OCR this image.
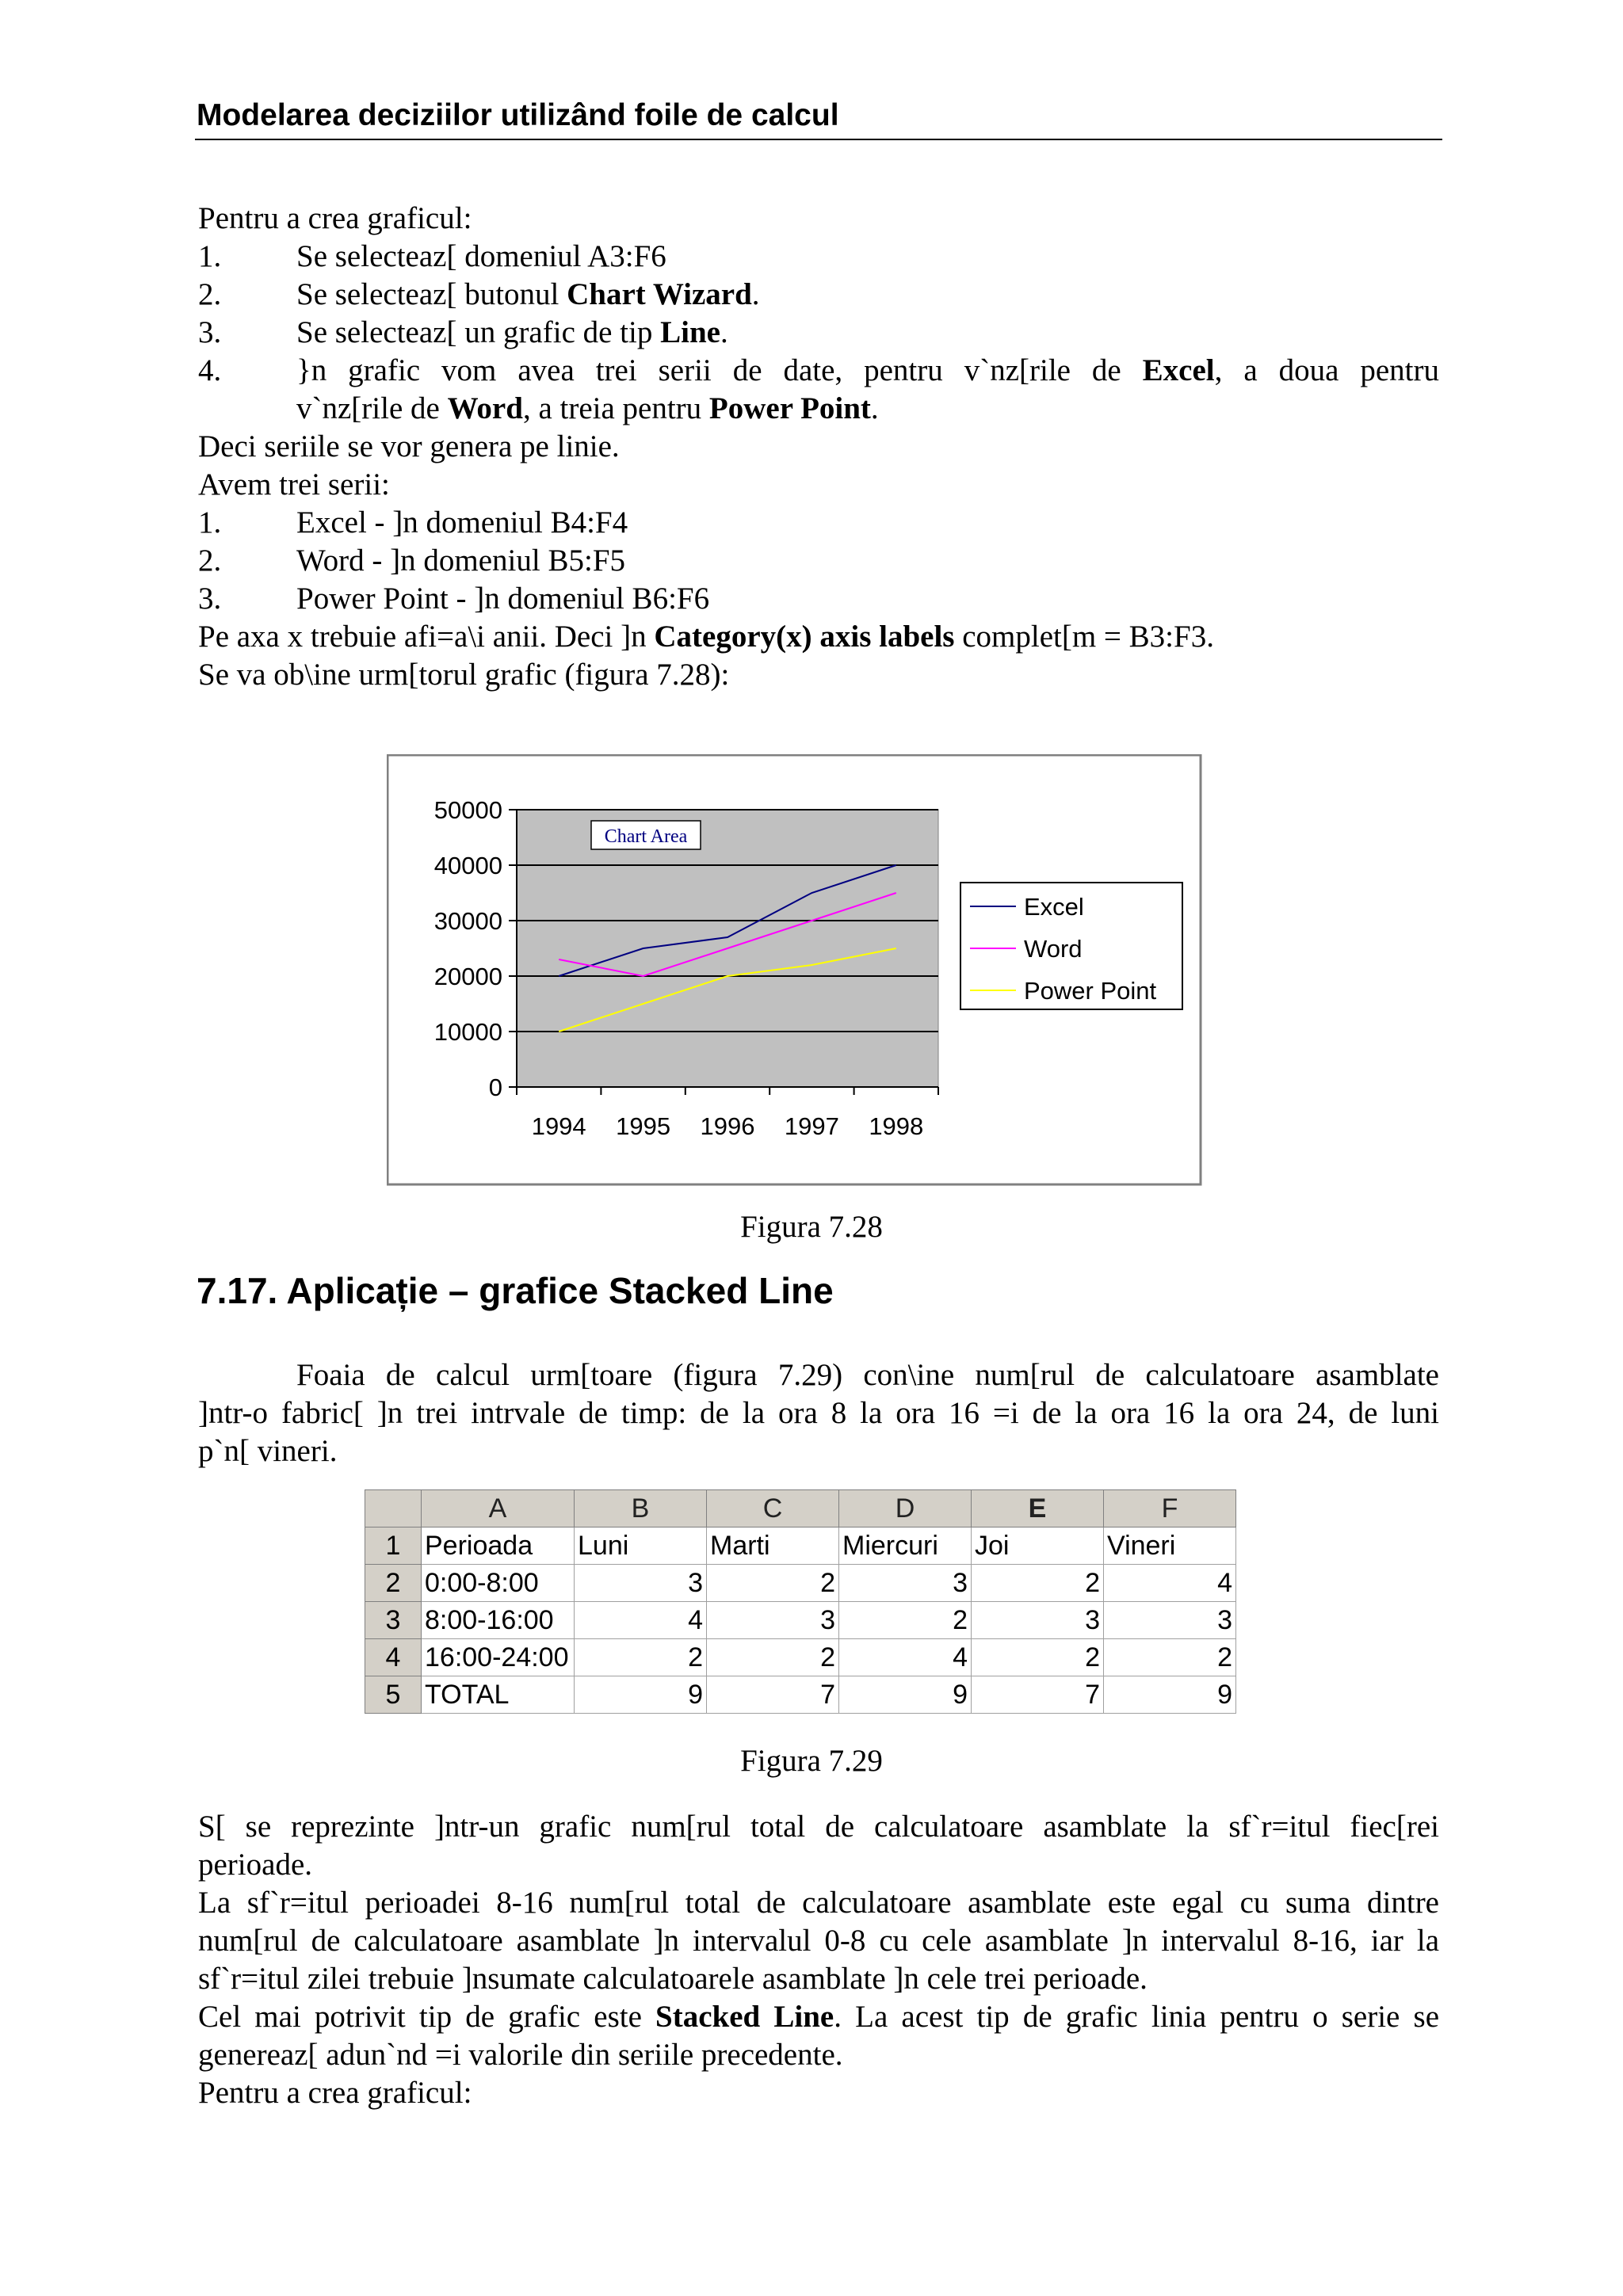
Modelarea deciziilor utilizând foile de calcul
Pentru a crea graficul:
1. Se selecteaz[ domeniul A3:F6
2. Se selecteaz[ butonul Chart Wizard.
3. Se selecteaz[ un grafic de tip Line.
4.	}n grafic vom avea trei serii de date, pentru v`nz[rile de Excel, a doua pentru
v`nz[rile de Word, a treia pentru Power Point.
Deci seriile se vor genera pe linie.
Avem trei serii:
1. Excel - ]n domeniul B4:F4
2. Word - ]n domeniul B5:F5
3. Power Point - ]n domeniul B6:F6
Pe axa x trebuie afi=a\i anii. Deci ]n Category(x) axis labels complet[m = B3:F3.
Se va ob\ine urm[torul grafic (figura 7.28):
0
10000
20000
30000
40000
50000
1994 1995 1996 1997 1998
Chart Area
Excel
Word
Power Point
Figura 7.28
7.17. Aplicație – grafice Stacked Line
Foaia de calcul urm[toare (figura 7.29) con\ine num[rul de calculatoare asamblate
]ntr-o fabric[ ]n trei intrvale de timp: de la ora 8 la ora 16 =i de la ora 16 la ora 24, de luni
p`n[ vineri.
	A	B	C	D	E	F
1	Perioada	Luni	Marti	Miercuri	Joi	Vineri
2	0:00-8:00	3	2	3	2	4
3	8:00-16:00	4	3	2	3	3
4	16:00-24:00	2	2	4	2	2
5	TOTAL	9	7	9	7	9
Figura 7.29
S[ se reprezinte ]ntr-un grafic num[rul total de calculatoare asamblate la sf`r=itul fiec[rei
perioade.
La sf`r=itul perioadei 8-16 num[rul total de calculatoare asamblate este egal cu suma dintre
num[rul de calculatoare asamblate ]n intervalul 0-8 cu cele asamblate ]n intervalul 8-16, iar la
sf`r=itul zilei trebuie ]nsumate calculatoarele asamblate ]n cele trei perioade.
Cel mai potrivit tip de grafic este Stacked Line. La acest tip de grafic linia pentru o serie se
genereaz[ adun`nd =i valorile din seriile precedente.
Pentru a crea graficul:
